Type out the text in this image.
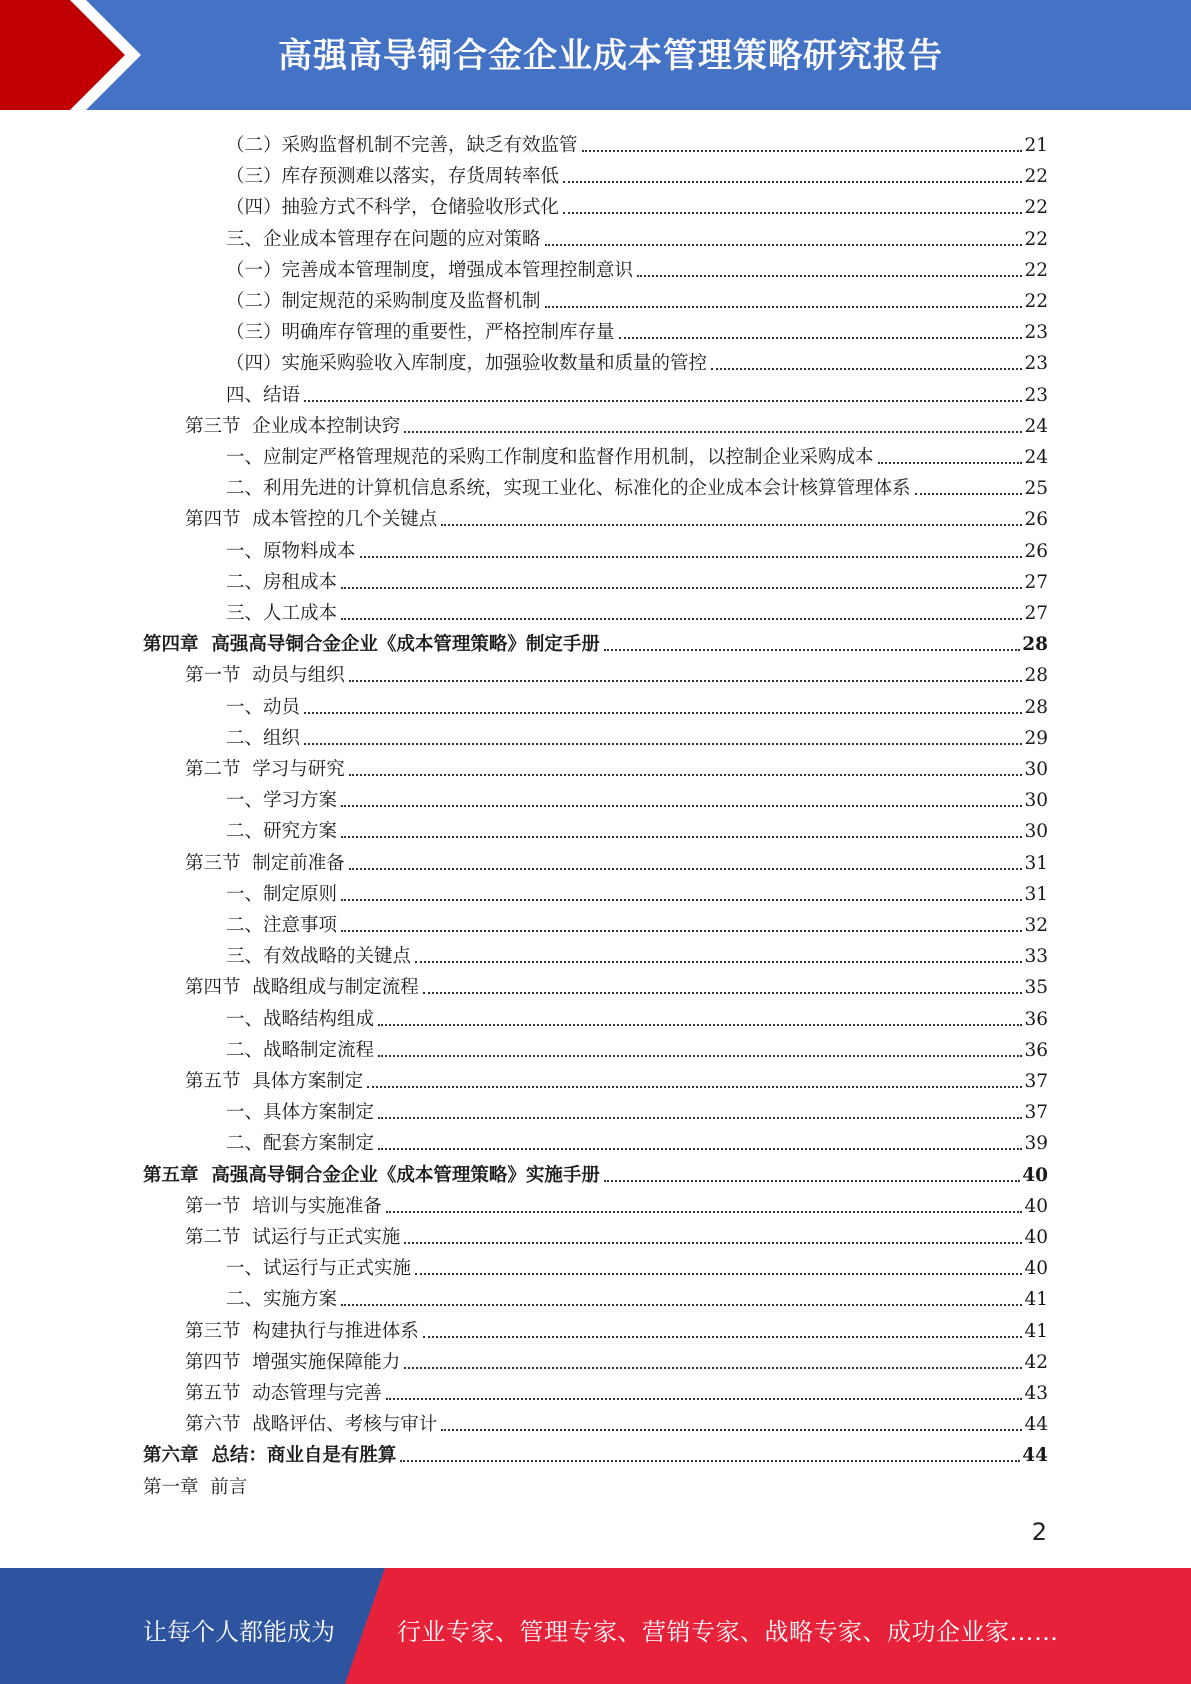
高强高导铜合金企业成本管理策略研究报告
（二）采购监督机制不完善，缺乏有效监管	21
（三）库存预测难以落实，存货周转率低	22
（四）抽验方式不科学，仓储验收形式化	22
三、企业成本管理存在问题的应对策略	22
（一）完善成本管理制度，增强成本管理控制意识	22
（二）制定规范的采购制度及监督机制	22
（三）明确库存管理的重要性，严格控制库存量	23
（四）实施采购验收入库制度，加强验收数量和质量的管控	23
四、结语	23
第三节  企业成本控制诀窍	24
一、应制定严格管理规范的采购工作制度和监督作用机制，以控制企业采购成本	24
二、利用先进的计算机信息系统，实现工业化、标准化的企业成本会计核算管理体系	25
第四节  成本管控的几个关键点	26
一、原物料成本	26
二、房租成本	27
三、人工成本	27
第四章  高强高导铜合金企业《成本管理策略》制定手册	28
第一节  动员与组织	28
一、动员	28
二、组织	29
第二节  学习与研究	30
一、学习方案	30
二、研究方案	30
第三节  制定前准备	31
一、制定原则	31
二、注意事项	32
三、有效战略的关键点	33
第四节  战略组成与制定流程	35
一、战略结构组成	36
二、战略制定流程	36
第五节  具体方案制定	37
一、具体方案制定	37
二、配套方案制定	39
第五章  高强高导铜合金企业《成本管理策略》实施手册	40
第一节  培训与实施准备	40
第二节  试运行与正式实施	40
一、试运行与正式实施	40
二、实施方案	41
第三节  构建执行与推进体系	41
第四节  增强实施保障能力	42
第五节  动态管理与完善	43
第六节  战略评估、考核与审计	44
第六章  总结：商业自是有胜算	44
第一章  前言
2
让每个人都能成为	行业专家、管理专家、营销专家、战略专家、成功企业家……
